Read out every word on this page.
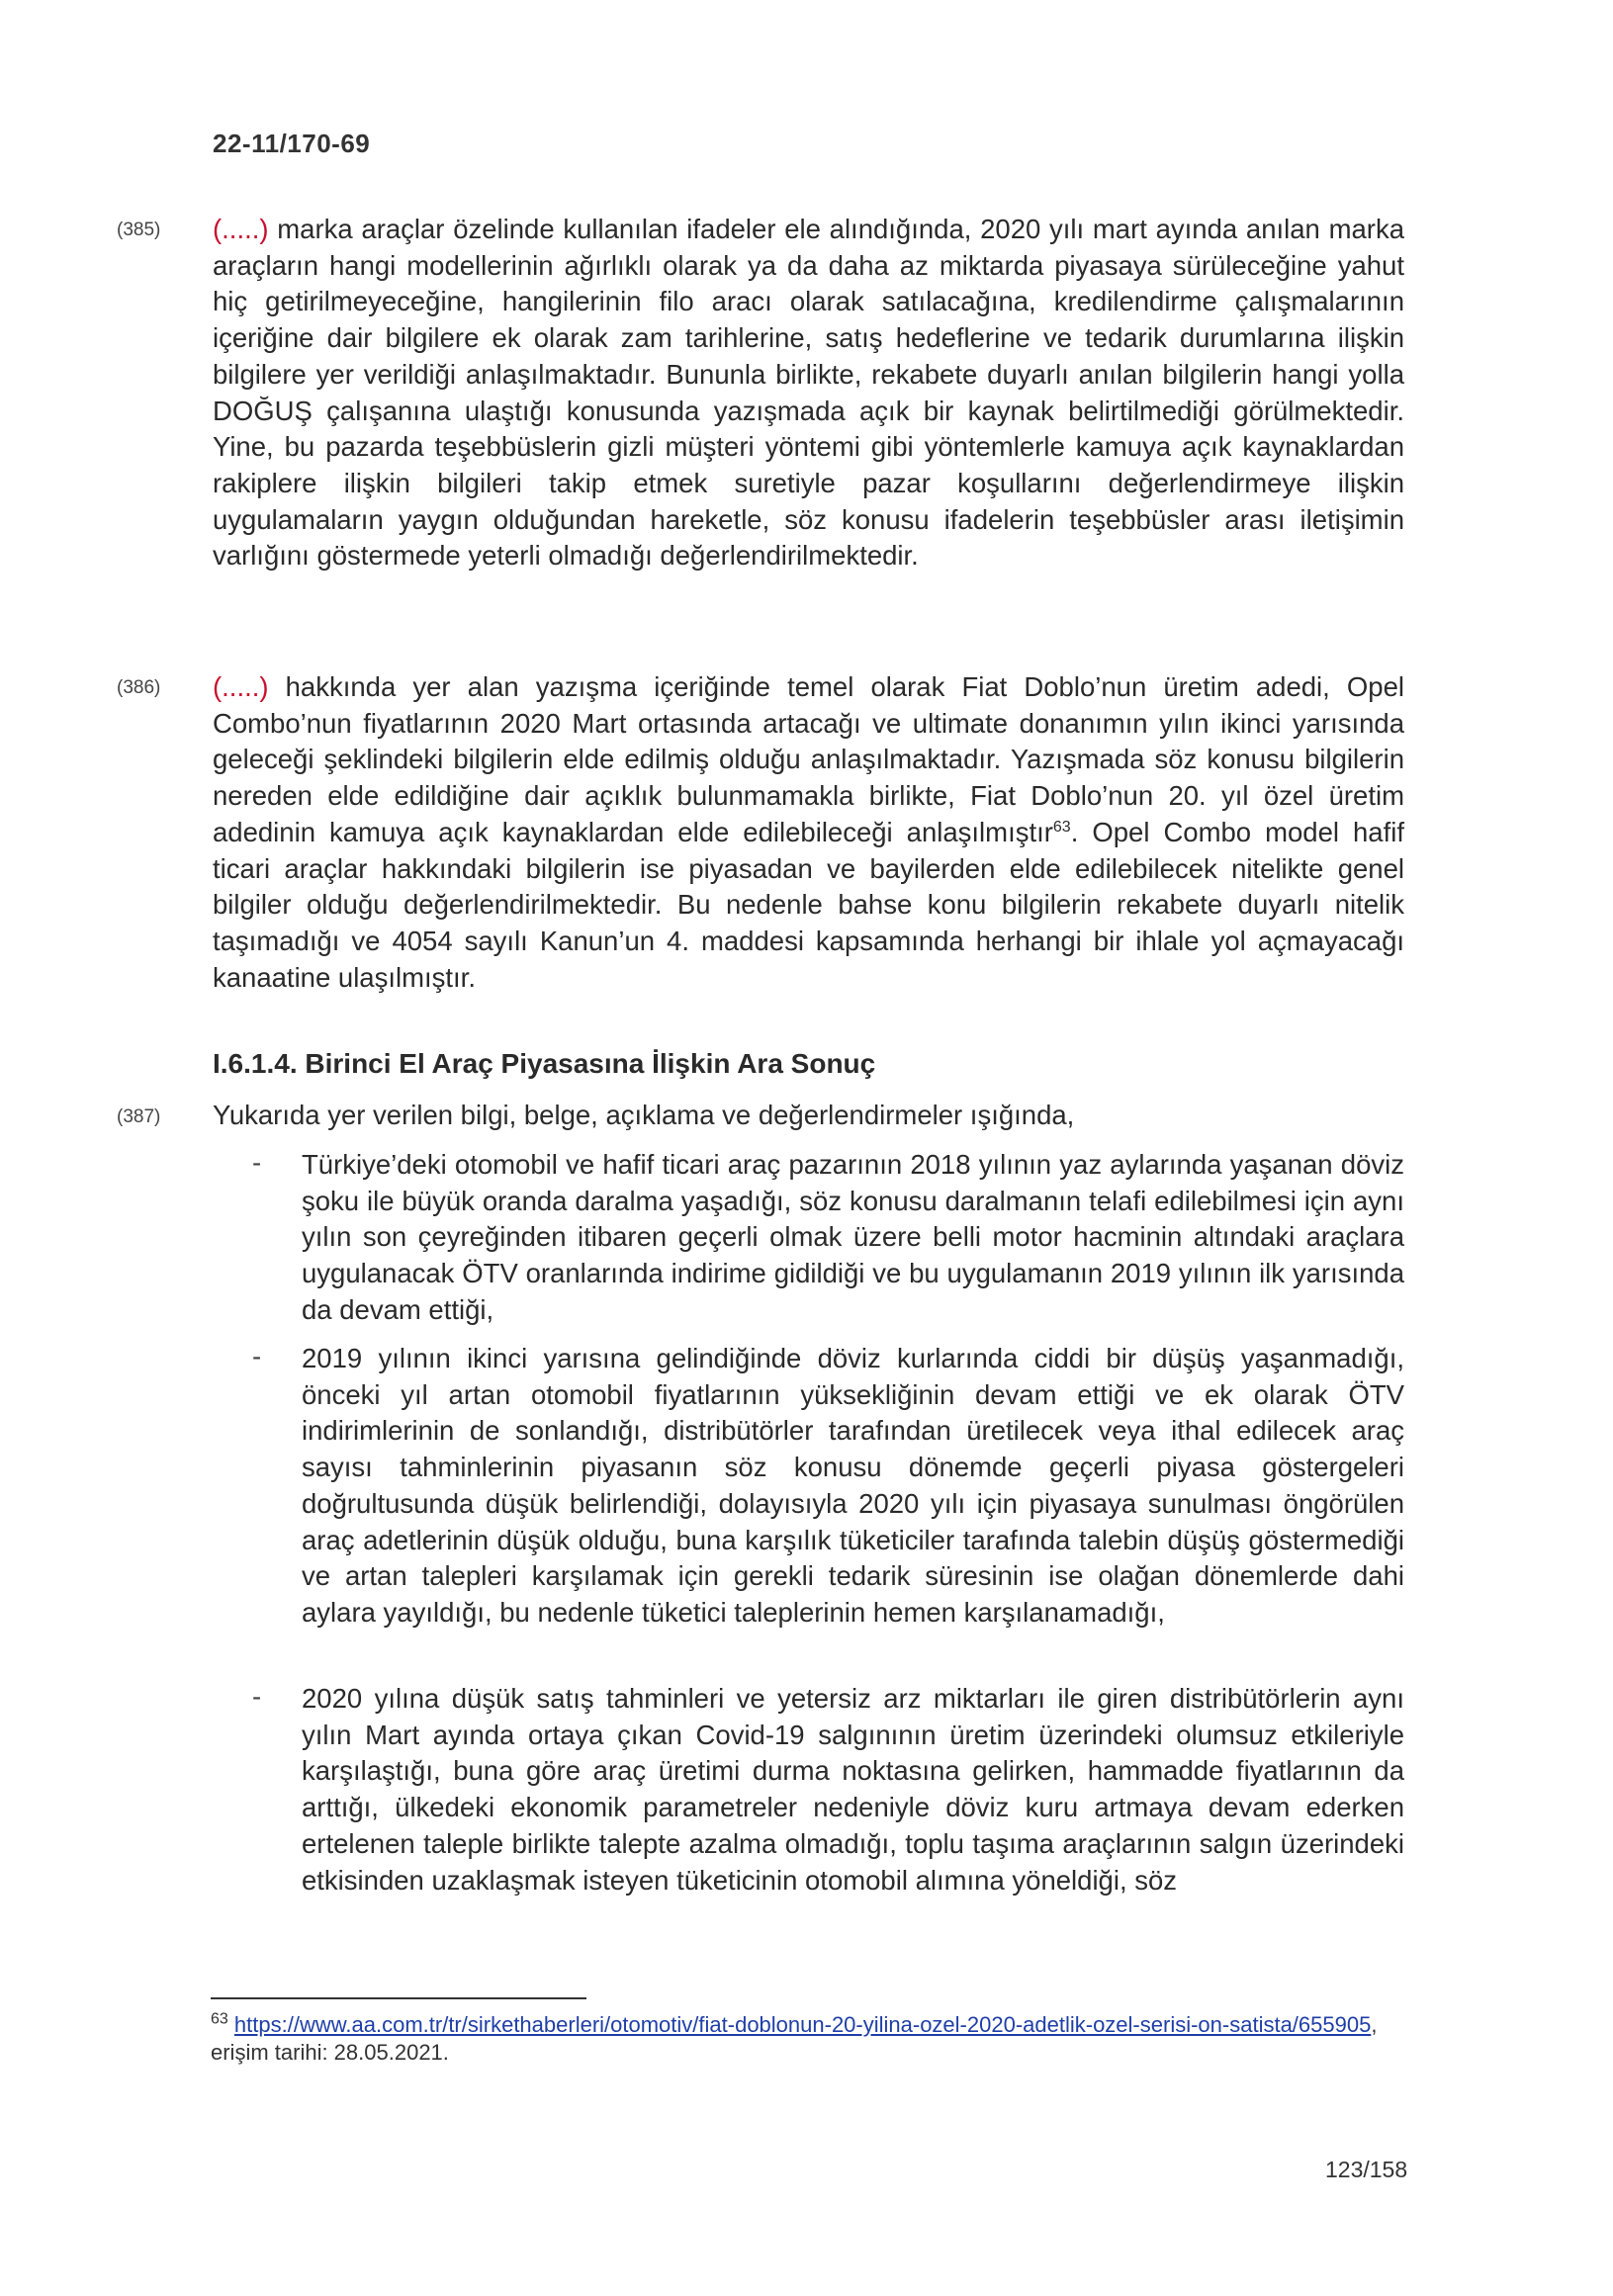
22-11/170-69
(385) (.....) marka araçlar özelinde kullanılan ifadeler ele alındığında, 2020 yılı mart ayında anılan marka araçların hangi modellerinin ağırlıklı olarak ya da daha az miktarda piyasaya sürüleceğine yahut hiç getirilmeyeceğine, hangilerinin filo aracı olarak satılacağına, kredilendirme çalışmalarının içeriğine dair bilgilere ek olarak zam tarihlerine, satış hedeflerine ve tedarik durumlarına ilişkin bilgilere yer verildiği anlaşılmaktadır. Bununla birlikte, rekabete duyarlı anılan bilgilerin hangi yolla DOĞUŞ çalışanına ulaştığı konusunda yazışmada açık bir kaynak belirtilmediği görülmektedir. Yine, bu pazarda teşebbüslerin gizli müşteri yöntemi gibi yöntemlerle kamuya açık kaynaklardan rakiplere ilişkin bilgileri takip etmek suretiyle pazar koşullarını değerlendirmeye ilişkin uygulamaların yaygın olduğundan hareketle, söz konusu ifadelerin teşebbüsler arası iletişimin varlığını göstermede yeterli olmadığı değerlendirilmektedir.
(386) (.....) hakkında yer alan yazışma içeriğinde temel olarak Fiat Doblo’nun üretim adedi, Opel Combo’nun fiyatlarının 2020 Mart ortasında artacağı ve ultimate donanımın yılın ikinci yarısında geleceği şeklindeki bilgilerin elde edilmiş olduğu anlaşılmaktadır. Yazışmada söz konusu bilgilerin nereden elde edildiğine dair açıklık bulunmamakla birlikte, Fiat Doblo’nun 20. yıl özel üretim adedinin kamuya açık kaynaklardan elde edilebileceği anlaşılmıştır$^{63}$. Opel Combo model hafif ticari araçlar hakkındaki bilgilerin ise piyasadan ve bayilerden elde edilebilecek nitelikte genel bilgiler olduğu değerlendirilmektedir. Bu nedenle bahse konu bilgilerin rekabete duyarlı nitelik taşımadığı ve 4054 sayılı Kanun’un 4. maddesi kapsamında herhangi bir ihlale yol açmayacağı kanaatine ulaşılmıştır.
I.6.1.4. Birinci El Araç Piyasasına İlişkin Ara Sonuç
(387) Yukarıda yer verilen bilgi, belge, açıklama ve değerlendirmeler ışığında,
- Türkiye’deki otomobil ve hafif ticari araç pazarının 2018 yılının yaz aylarında yaşanan döviz şoku ile büyük oranda daralma yaşadığı, söz konusu daralmanın telafi edilebilmesi için aynı yılın son çeyreğinden itibaren geçerli olmak üzere belli motor hacminin altındaki araçlara uygulanacak ÖTV oranlarında indirime gidildiği ve bu uygulamanın 2019 yılının ilk yarısında da devam ettiği,
- 2019 yılının ikinci yarısına gelindiğinde döviz kurlarında ciddi bir düşüş yaşanmadığı, önceki yıl artan otomobil fiyatlarının yüksekliğinin devam ettiği ve ek olarak ÖTV indirimlerinin de sonlandığı, distribütörler tarafından üretilecek veya ithal edilecek araç sayısı tahminlerinin piyasanın söz konusu dönemde geçerli piyasa göstergeleri doğrultusunda düşük belirlendiği, dolayısıyla 2020 yılı için piyasaya sunulması öngörülen araç adetlerinin düşük olduğu, buna karşılık tüketiciler tarafında talebin düşüş göstermediği ve artan talepleri karşılamak için gerekli tedarik süresinin ise olağan dönemlerde dahi aylara yayıldığı, bu nedenle tüketici taleplerinin hemen karşılanamadığı,
- 2020 yılına düşük satış tahminleri ve yetersiz arz miktarları ile giren distribütörlerin aynı yılın Mart ayında ortaya çıkan Covid-19 salgınının üretim üzerindeki olumsuz etkileriyle karşılaştığı, buna göre araç üretimi durma noktasına gelirken, hammadde fiyatlarının da arttığı, ülkedeki ekonomik parametreler nedeniyle döviz kuru artmaya devam ederken ertelenen taleple birlikte talepte azalma olmadığı, toplu taşıma araçlarının salgın üzerindeki etkisinden uzaklaşmak isteyen tüketicinin otomobil alımına yöneldiği, söz
$^{63}$ https://www.aa.com.tr/tr/sirkethaberleri/otomotiv/fiat-doblonun-20-yilina-ozel-2020-adetlik-ozel-serisi-on-satista/655905, erişim tarihi: 28.05.2021.
123/158
